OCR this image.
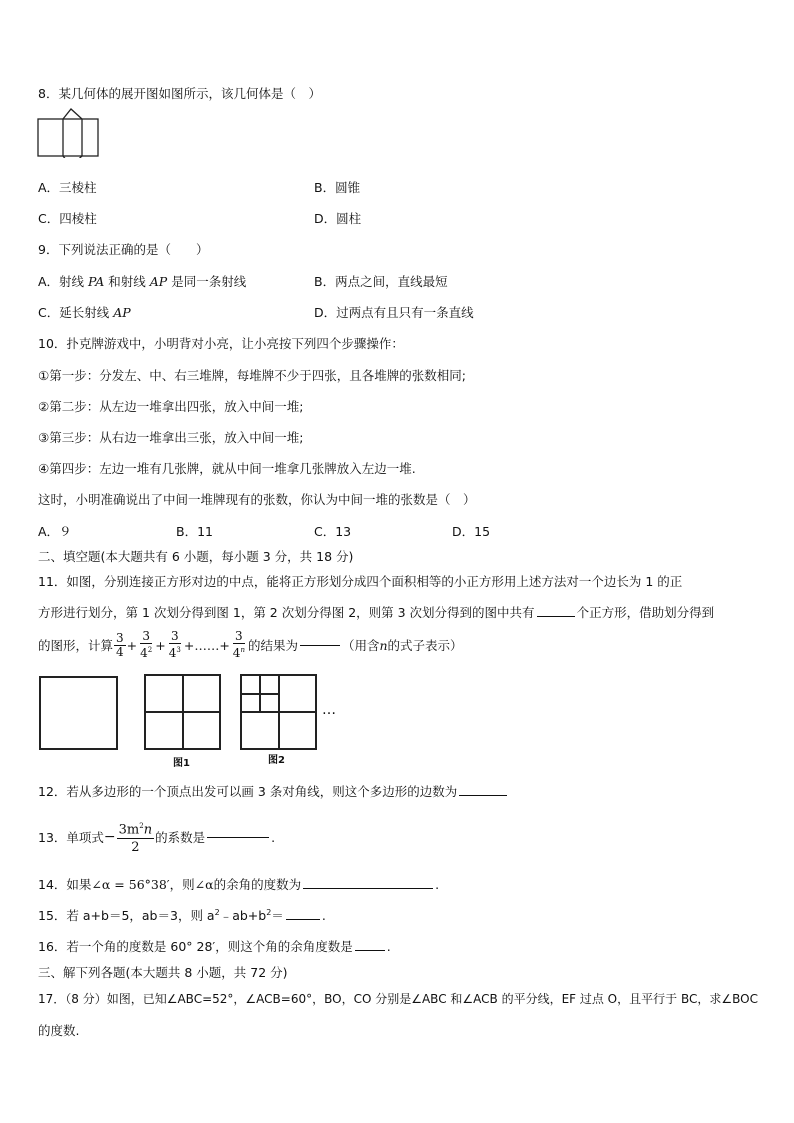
8．某几何体的展开图如图所示，该几何体是（　）
A．三棱柱	B．圆锥
C．四棱柱	D．圆柱
9．下列说法正确的是（　　）
A．射线 PA 和射线 AP 是同一条射线	B．两点之间，直线最短
C．延长射线 AP	D．过两点有且只有一条直线
10．扑克牌游戏中，小明背对小亮，让小亮按下列四个步骤操作：
①第一步：分发左、中、右三堆牌，每堆牌不少于四张，且各堆牌的张数相同;
②第二步：从左边一堆拿出四张，放入中间一堆;
③第三步：从右边一堆拿出三张，放入中间一堆;
④第四步：左边一堆有几张牌，就从中间一堆拿几张牌放入左边一堆.
这时，小明准确说出了中间一堆牌现有的张数，你认为中间一堆的张数是（　）
A．９	B．11	C．13	D．15
二、填空题(本大题共有 6 小题，每小题 3 分，共 18 分)
11．如图，分别连接正方形对边的中点，能将正方形划分成四个面积相等的小正方形用上述方法对一个边长为 1 的正
方形进行划分，第 1 次划分得到图 1，第 2 次划分得图 2，则第 3 次划分得到的图中共有	个正方形，借助划分得到
的图形，计算 $\frac{3}{4} + \frac{3}{4^2} + \frac{3}{4^3}$ +……+ $\frac{3}{4^n}$ 的结果为	（用含 n 的式子表示）
图1	图2
…
12．若从多边形的一个顶点出发可以画 3 条对角线，则这个多边形的边数为
13．单项式 − $\frac{3m^2n}{2}$ 的系数是	.
14．如果∠α = 56°38′，则∠α的余角的度数为	.
15．若 a+b＝5，ab＝3，则 $a^2﹣ab+b^2=$	.
16．若一个角的度数是 60° 28′，则这个角的余角度数是	.
三、解下列各题(本大题共 8 小题，共 72 分)
17．（8 分）如图，已知∠ABC=52°，∠ACB=60°，BO，CO 分别是∠ABC 和∠ACB 的平分线，EF 过点 O，且平行于 BC，求∠BOC
的度数.
